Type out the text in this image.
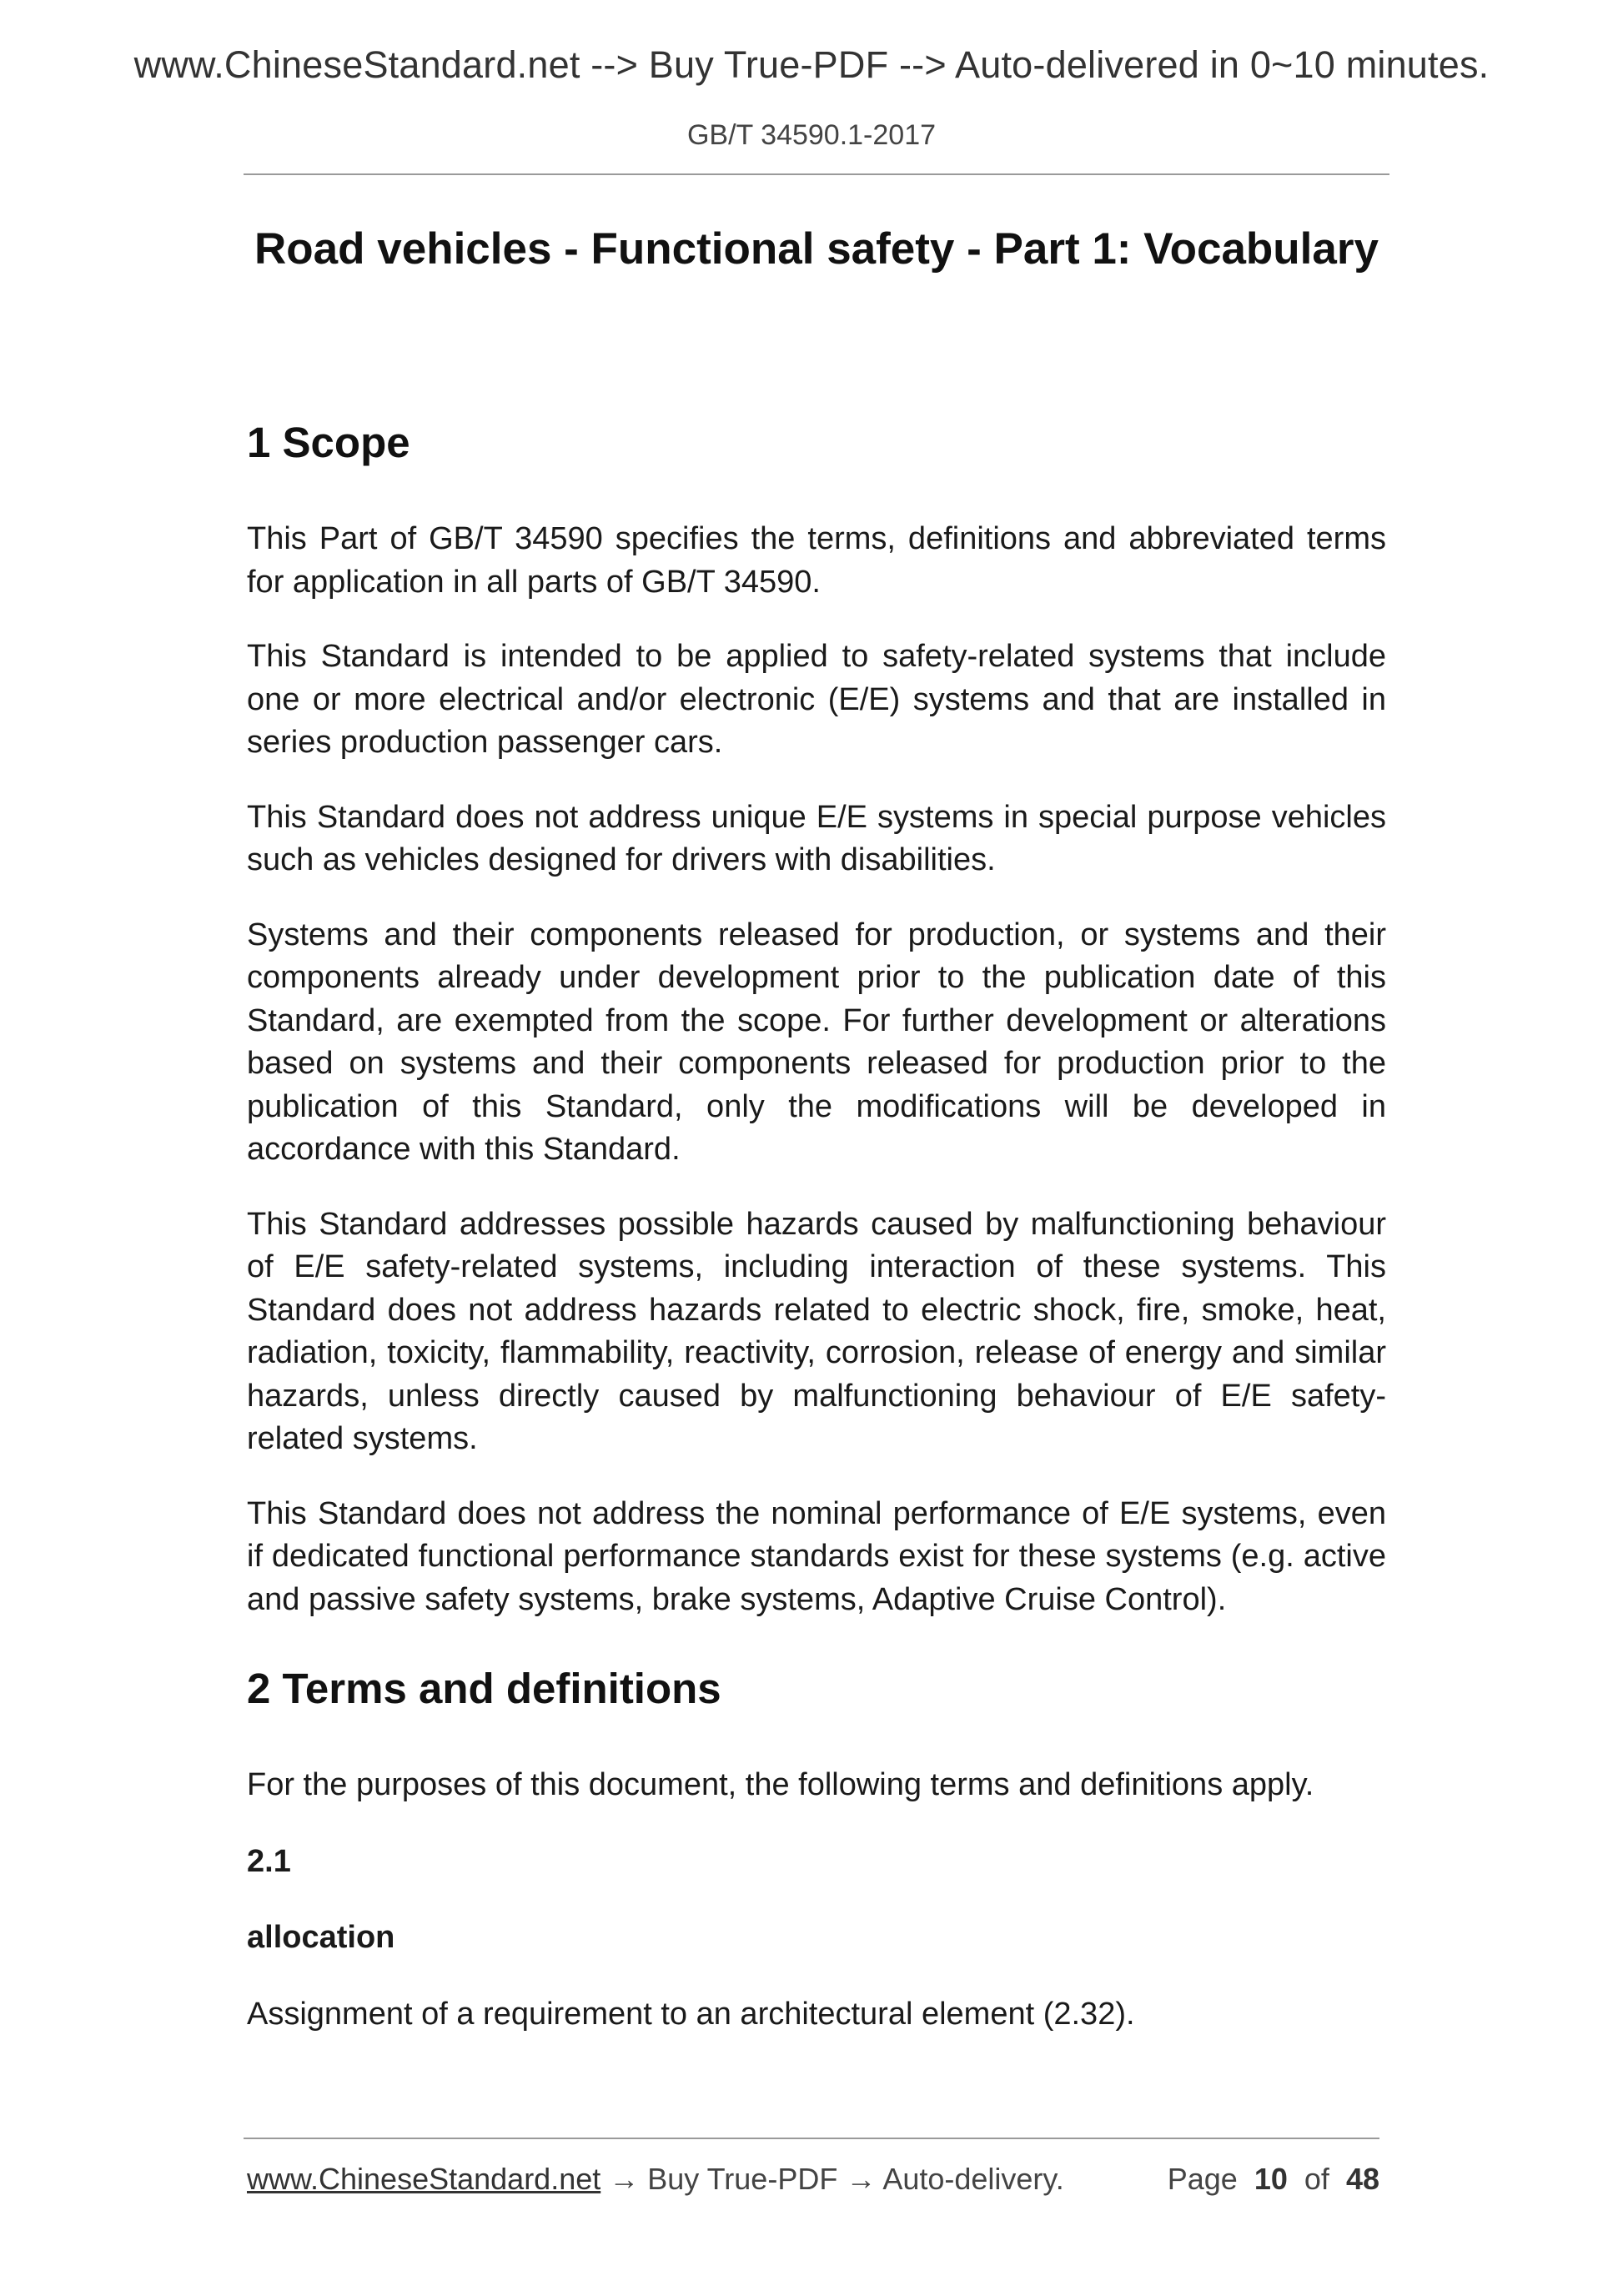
www.ChineseStandard.net --> Buy True-PDF --> Auto-delivered in 0~10 minutes.
GB/T 34590.1-2017
Road vehicles - Functional safety - Part 1: Vocabulary
1 Scope

This Part of GB/T 34590 specifies the terms, definitions and abbreviated terms for application in all parts of GB/T 34590.

This Standard is intended to be applied to safety-related systems that include one or more electrical and/or electronic (E/E) systems and that are installed in series production passenger cars.

This Standard does not address unique E/E systems in special purpose vehicles such as vehicles designed for drivers with disabilities.

Systems and their components released for production, or systems and their components already under development prior to the publication date of this Standard, are exempted from the scope. For further development or alterations based on systems and their components released for production prior to the publication of this Standard, only the modifications will be developed in accordance with this Standard.

This Standard addresses possible hazards caused by malfunctioning behaviour of E/E safety-related systems, including interaction of these systems. This Standard does not address hazards related to electric shock, fire, smoke, heat, radiation, toxicity, flammability, reactivity, corrosion, release of energy and similar hazards, unless directly caused by malfunctioning behaviour of E/E safety-related systems.

This Standard does not address the nominal performance of E/E systems, even if dedicated functional performance standards exist for these systems (e.g. active and passive safety systems, brake systems, Adaptive Cruise Control).

2 Terms and definitions

For the purposes of this document, the following terms and definitions apply.

2.1

allocation

Assignment of a requirement to an architectural element (2.32).

www.ChineseStandard.net → Buy True-PDF → Auto-delivery.	Page 10 of 48
